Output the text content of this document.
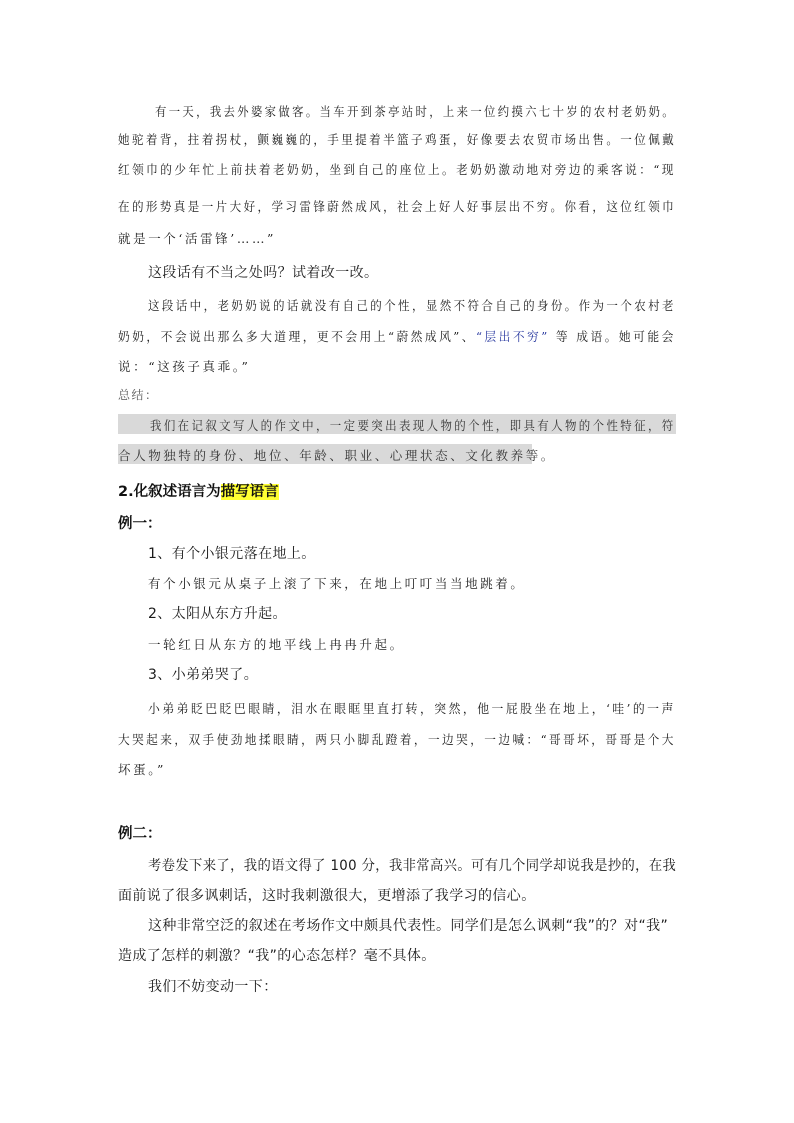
有一天，我去外婆家做客。当车开到茶亭站时，上来一位约摸六七十岁的农村老奶奶。
她驼着背，拄着拐杖，颤巍巍的，手里提着半篮子鸡蛋，好像要去农贸市场出售。一位佩戴
红领巾的少年忙上前扶着老奶奶，坐到自己的座位上。老奶奶激动地对旁边的乘客说：“现
在的形势真是一片大好，学习雷锋蔚然成风，社会上好人好事层出不穷。你看，这位红领巾
就是一个‘活雷锋’……”
这段话有不当之处吗？试着改一改。
这段话中，老奶奶说的话就没有自己的个性，显然不符合自己的身份。作为一个农村老
奶奶，不会说出那么多大道理，更不会用上“蔚然成风”、“层出不穷” 等 成语。她可能会
说：“这孩子真乖。”
总结：
我们在记叙文写人的作文中，一定要突出表现人物的个性，即具有人物的个性特征，符
合人物独特的身份、地位、年龄、职业、心理状态、文化教养等。
2.化叙述语言为描写语言
例一：
1、有个小银元落在地上。
有个小银元从桌子上滚了下来，在地上叮叮当当地跳着。
2、太阳从东方升起。
一轮红日从东方的地平线上冉冉升起。
3、小弟弟哭了。
小弟弟眨巴眨巴眼睛，泪水在眼眶里直打转，突然，他一屁股坐在地上，‘哇’的一声
大哭起来，双手使劲地揉眼睛，两只小脚乱蹬着，一边哭，一边喊：“哥哥坏，哥哥是个大
坏蛋。”
例二：
考卷发下来了，我的语文得了 100 分，我非常高兴。可有几个同学却说我是抄的，在我
面前说了很多讽刺话，这时我刺激很大，更增添了我学习的信心。
这种非常空泛的叙述在考场作文中颇具代表性。同学们是怎么讽刺“我”的？对“我”
造成了怎样的刺激？“我”的心态怎样？毫不具体。
我们不妨变动一下：
